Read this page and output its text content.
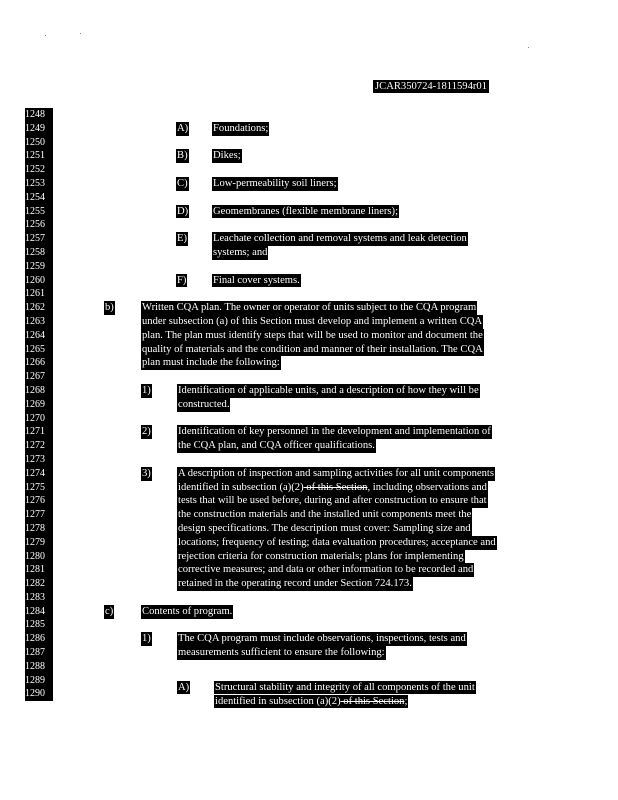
JCAR350724-1811594r01
1248
1249
1250
1251
1252
1253
1254
1255
1256
1257
1258
1259
1260
1261
1262
1263
1264
1265
1266
1267
1268
1269
1270
1271
1272
1273
1274
1275
1276
1277
1278
1279
1280
1281
1282
1283
1284
1285
1286
1287
1288
1289
1290
A) Foundations;
B) Dikes;
C) Low-permeability soil liners;
D) Geomembranes (flexible membrane liners);
E) Leachate collection and removal systems and leak detection
systems; and
F)	Final cover systems.
b)	Written CQA plan. The owner or operator of units subject to the CQA program
under subsection (a) of this Section must develop and implement a written CQA
plan. The plan must identify steps that will be used to monitor and document the
quality of materials and the condition and manner of their installation. The CQA
plan must include the following:
1)	Identification of applicable units, and a description of how they will be
constructed.
2)	Identification of key personnel in the development and implementation of
the CQA plan, and CQA officer qualifications.
3)	A description of inspection and sampling activities for all unit components
identified in subsection (a)(2) of this Section, including observations and
tests that will be used before, during and after construction to ensure that
the construction materials and the installed unit components meet the
design specifications. The description must cover: Sampling size and
locations; frequency of testing; data evaluation procedures; acceptance and
rejection criteria for construction materials; plans for implementing
corrective measures; and data or other information to be recorded and
retained in the operating record under Section 724.173.
c)	Contents of program.
1)	The CQA program must include observations, inspections, tests and
measurements sufficient to ensure the following:
A) Structural stability and integrity of all components of the unit
identified in subsection (a)(2) of this Section;
